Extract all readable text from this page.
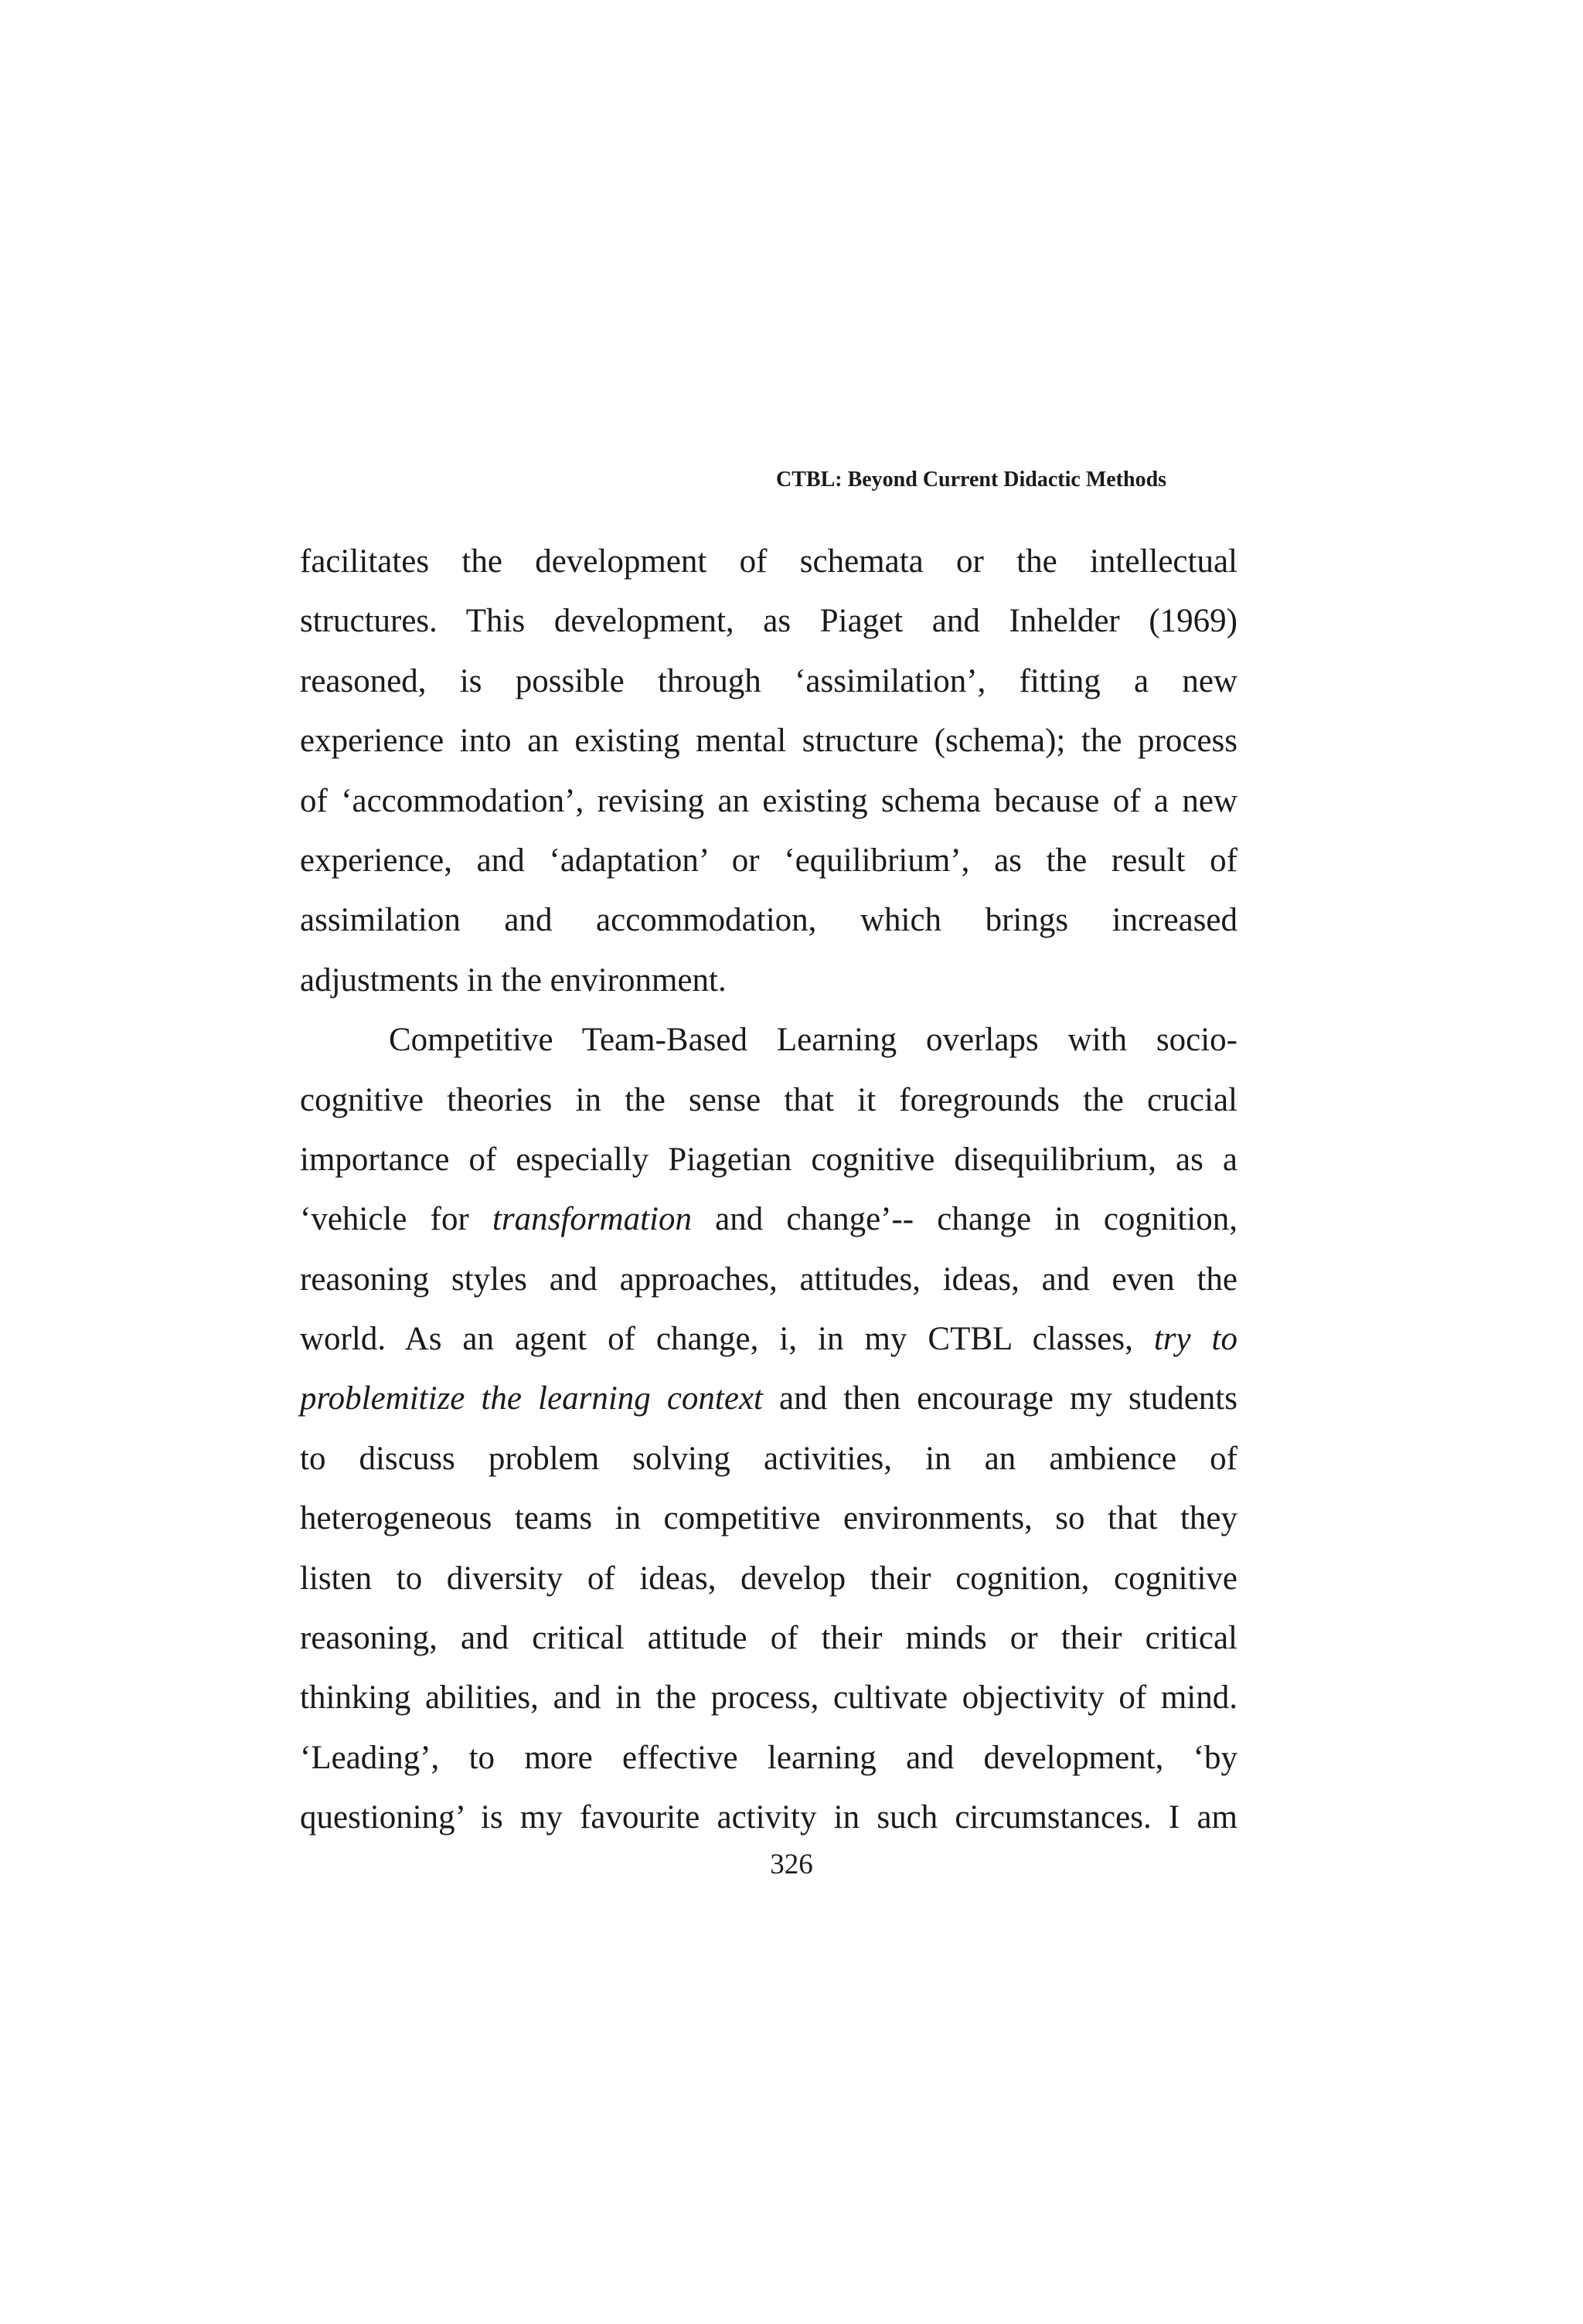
CTBL: Beyond Current Didactic Methods
facilitates the development of schemata or the intellectual
structures. This development, as Piaget and Inhelder (1969)
reasoned, is possible through ‘assimilation’, fitting a new
experience into an existing mental structure (schema); the process
of ‘accommodation’, revising an existing schema because of a new
experience, and ‘adaptation’ or ‘equilibrium’, as the result of
assimilation and accommodation, which brings increased
adjustments in the environment.
Competitive Team-Based Learning overlaps with socio-
cognitive theories in the sense that it foregrounds the crucial
importance of especially Piagetian cognitive disequilibrium, as a
‘vehicle for transformation and change’-- change in cognition,
reasoning styles and approaches, attitudes, ideas, and even the
world. As an agent of change, i, in my CTBL classes, try to
problemitize the learning context and then encourage my students
to discuss problem solving activities, in an ambience of
heterogeneous teams in competitive environments, so that they
listen to diversity of ideas, develop their cognition, cognitive
reasoning, and critical attitude of their minds or their critical
thinking abilities, and in the process, cultivate objectivity of mind.
‘Leading’, to more effective learning and development, ‘by
questioning’ is my favourite activity in such circumstances. I am
326
